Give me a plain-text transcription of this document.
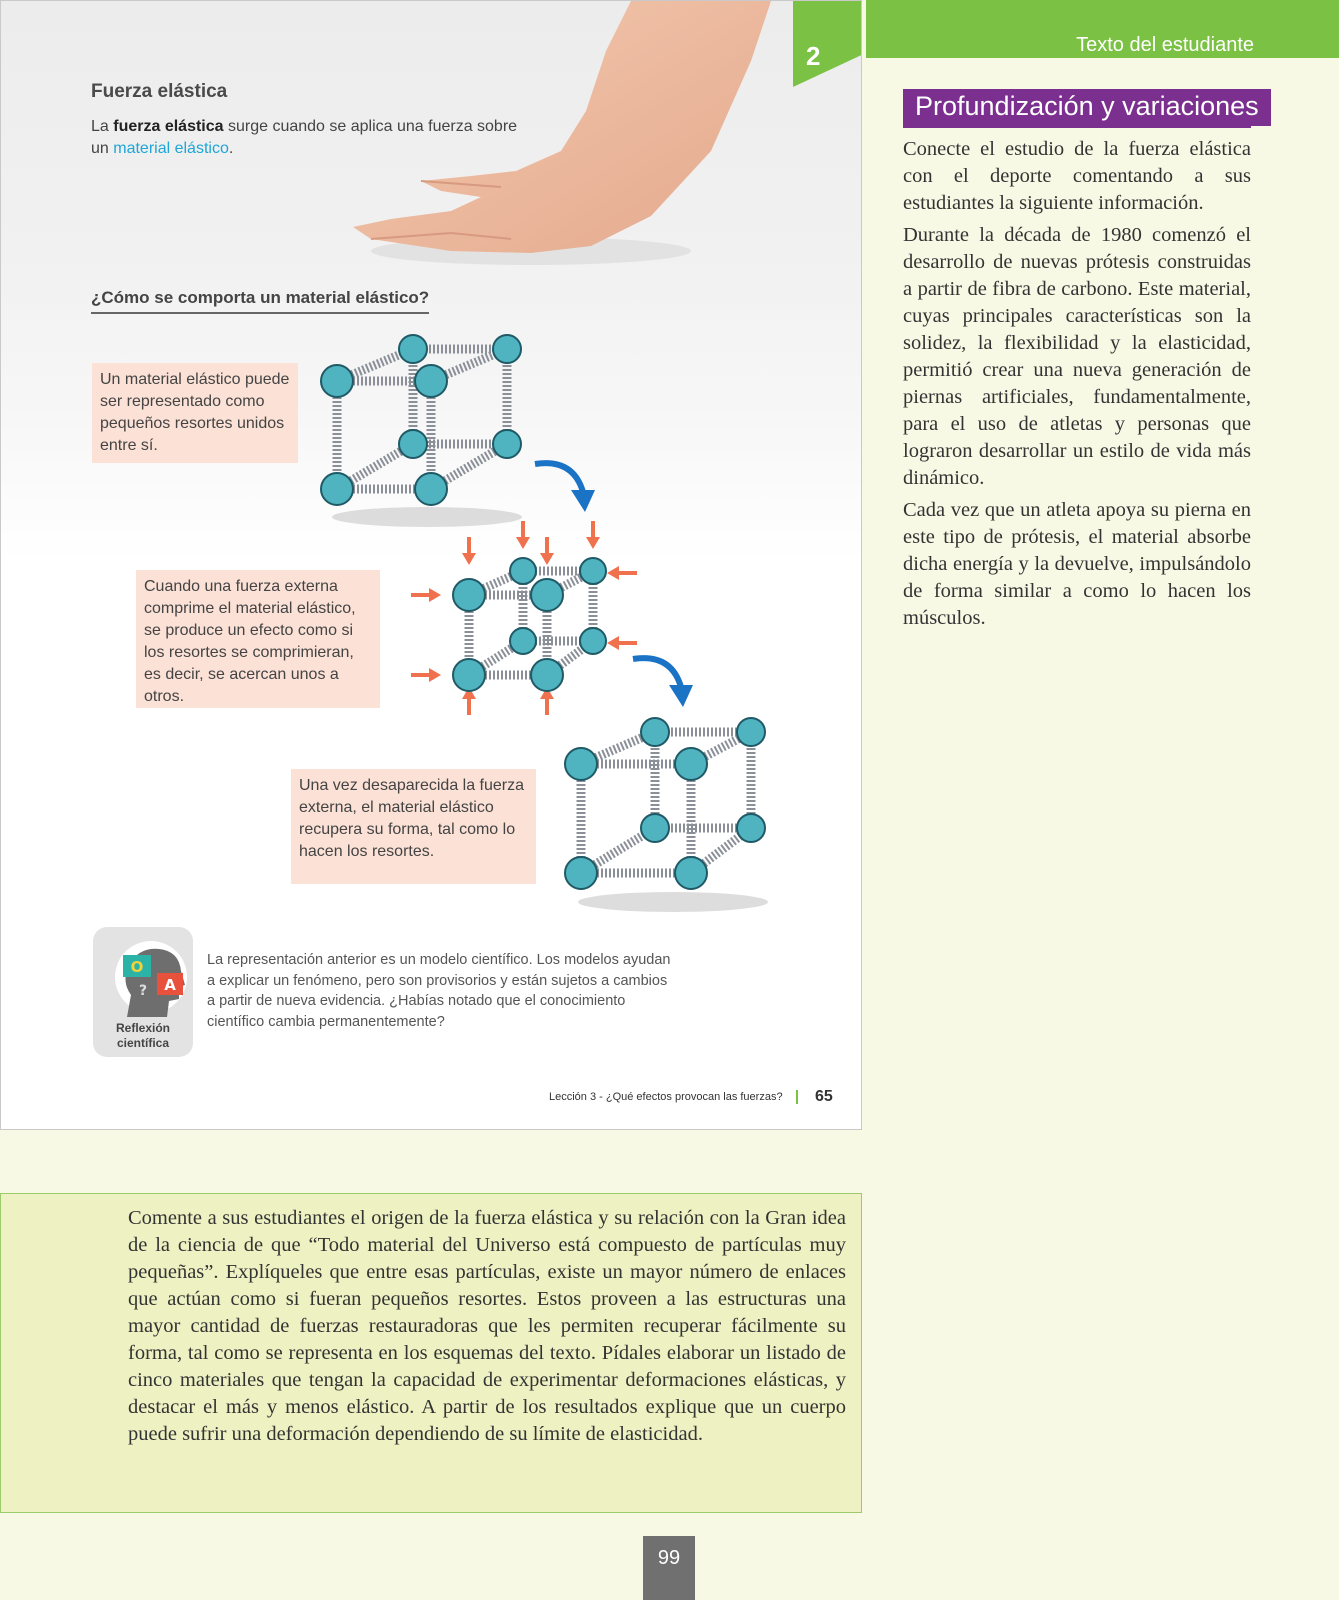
2
Fuerza elástica
La fuerza elástica surge cuando se aplica una fuerza sobre un material elástico.
¿Cómo se comporta un material elástico?
Un material elástico puede ser representado como pequeños resortes unidos entre sí.
Cuando una fuerza externa comprime el material elástico, se produce un efecto como si los resortes se comprimieran, es decir, se acercan unos a otros.
Una vez desaparecida la fuerza externa, el material elástico recupera su forma, tal como lo hacen los resortes.
O
A
?
Reflexión científica
La representación anterior es un modelo científico. Los modelos ayudan a explicar un fenómeno, pero son provisorios y están sujetos a cambios a partir de nueva evidencia. ¿Habías notado que el conocimiento científico cambia permanentemente?
Lección 3 - ¿Qué efectos provocan las fuerzas? 65
Texto del estudiante
Profundización y variaciones

Conecte el estudio de la fuerza elástica con el deporte comentando a sus estudiantes la siguiente información.

Durante la década de 1980 comenzó el desarrollo de nuevas prótesis construidas a partir de fibra de carbono. Este material, cuyas principales características son la solidez, la flexibilidad y la elasticidad, permitió crear una nueva generación de piernas artificiales, fundamentalmente, para el uso de atletas y personas que lograron desarrollar un estilo de vida más dinámico.

Cada vez que un atleta apoya su pierna en este tipo de prótesis, el material absorbe dicha energía y la devuelve, impulsándolo de forma similar a como lo hacen los músculos.

Comente a sus estudiantes el origen de la fuerza elástica y su relación con la Gran idea de la ciencia de que “Todo material del Universo está compuesto de partículas muy pequeñas”. Explíqueles que entre esas partículas, existe un mayor número de enlaces que actúan como si fueran pequeños resortes. Estos proveen a las estructuras una mayor cantidad de fuerzas restauradoras que les permiten recuperar fácilmente su forma, tal como se representa en los esquemas del texto. Pídales elaborar un listado de cinco materiales que tengan la capacidad de experimentar deformaciones elásticas, y destacar el más y menos elástico. A partir de los resultados explique que un cuerpo puede sufrir una deformación dependiendo de su límite de elasticidad.
99
